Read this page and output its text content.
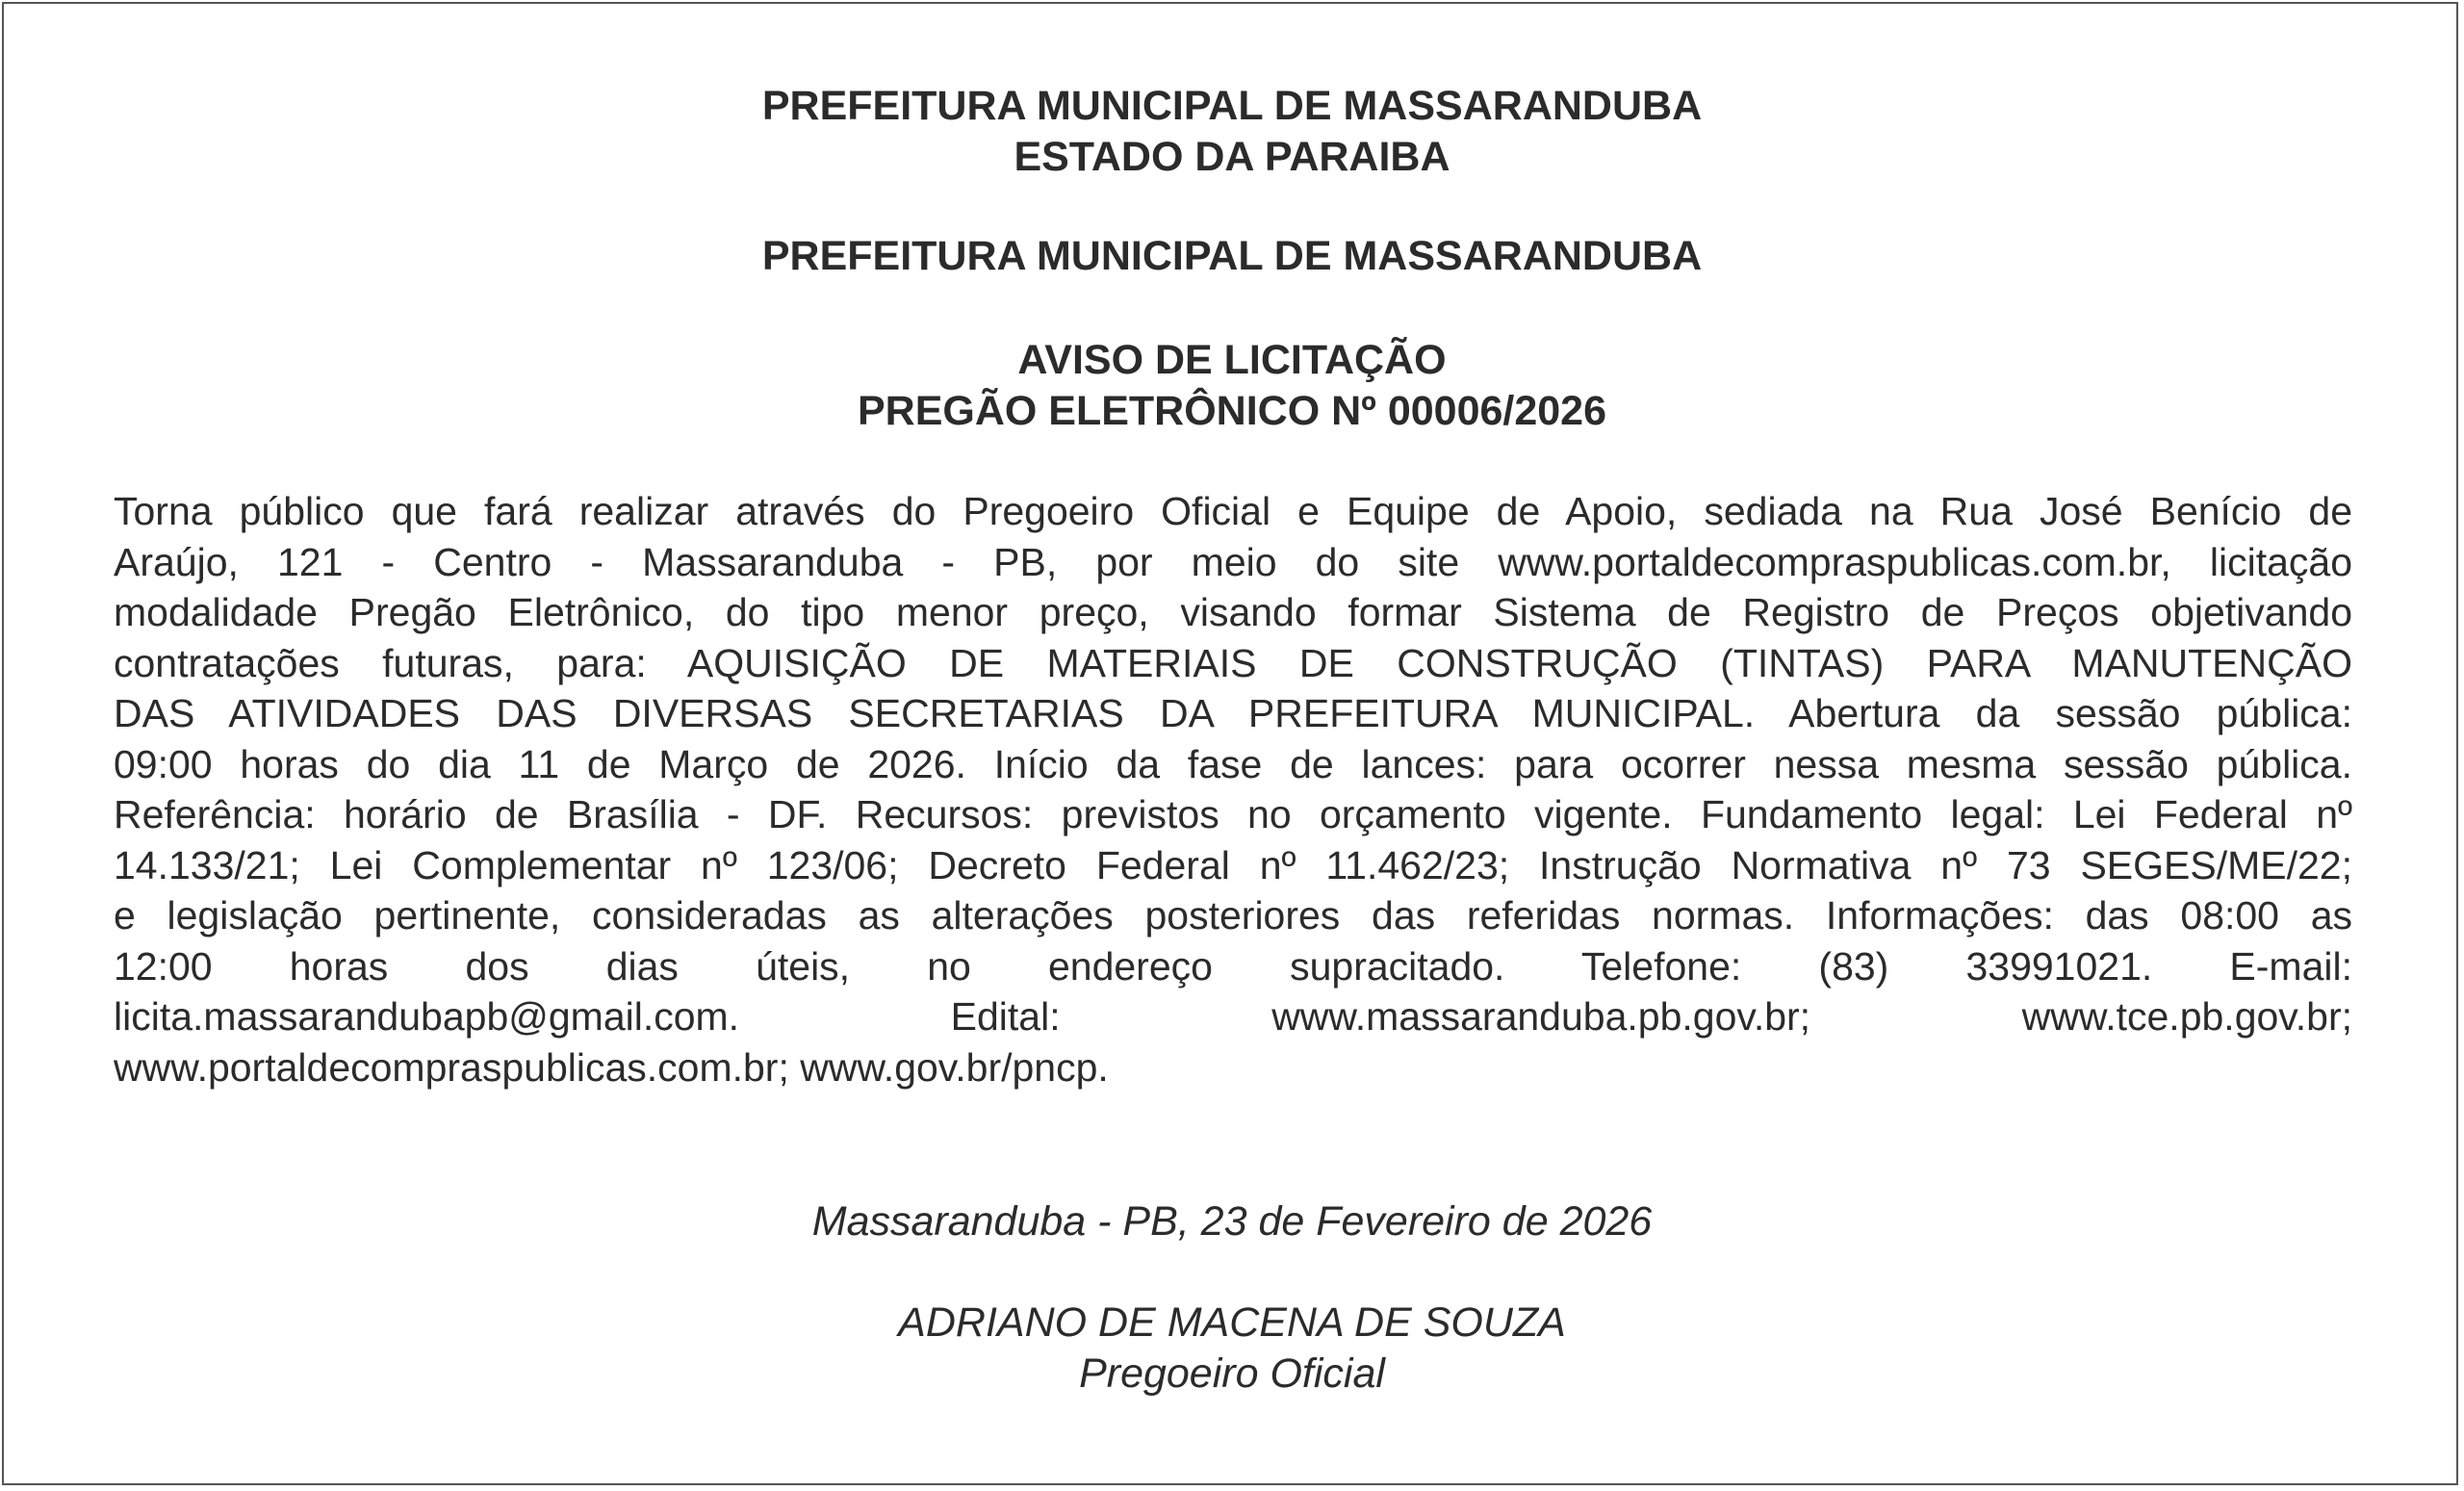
PREFEITURA MUNICIPAL DE MASSARANDUBA
ESTADO DA PARAIBA
PREFEITURA MUNICIPAL DE MASSARANDUBA
AVISO DE LICITAÇÃO
PREGÃO ELETRÔNICO Nº 00006/2026

Torna público que fará realizar através do Pregoeiro Oficial e Equipe de Apoio, sediada na Rua José Benício de
Araújo, 121 - Centro - Massaranduba - PB, por meio do site www.portaldecompraspublicas.com.br, licitação
modalidade Pregão Eletrônico, do tipo menor preço, visando formar Sistema de Registro de Preços objetivando
contratações futuras, para: AQUISIÇÃO DE MATERIAIS DE CONSTRUÇÃO (TINTAS) PARA MANUTENÇÃO
DAS ATIVIDADES DAS DIVERSAS SECRETARIAS DA PREFEITURA MUNICIPAL. Abertura da sessão pública:
09:00 horas do dia 11 de Março de 2026. Início da fase de lances: para ocorrer nessa mesma sessão pública.
Referência: horário de Brasília - DF. Recursos: previstos no orçamento vigente. Fundamento legal: Lei Federal nº
14.133/21; Lei Complementar nº 123/06; Decreto Federal nº 11.462/23; Instrução Normativa nº 73 SEGES/ME/22;
e legislação pertinente, consideradas as alterações posteriores das referidas normas. Informações: das 08:00 as
12:00 horas dos dias úteis, no endereço supracitado. Telefone: (83) 33991021. E-mail:
licita.massarandubapb@gmail.com. Edital: www.massaranduba.pb.gov.br; www.tce.pb.gov.br;
www.portaldecompraspublicas.com.br; www.gov.br/pncp.

Massaranduba - PB, 23 de Fevereiro de 2026

ADRIANO DE MACENA DE SOUZA

Pregoeiro Oficial
